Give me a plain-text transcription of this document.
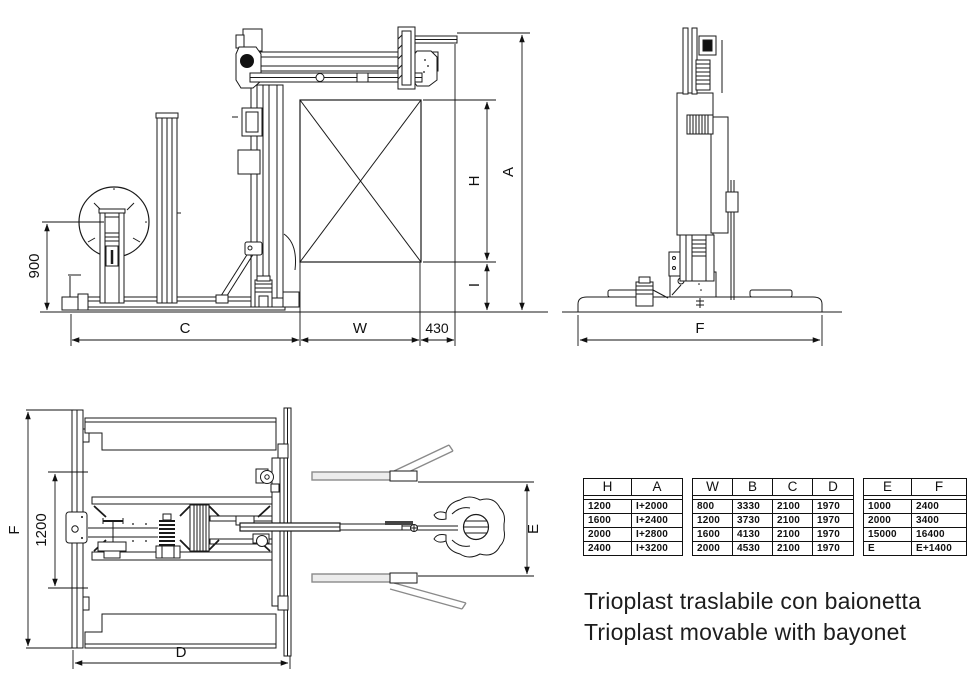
900
C	W	430
H
A
I
F
F 1200
D
E
H	A
1200	I+2000
1600	I+2400
2000	I+2800
2400	I+3200
W	B	C	D
800	3330	2100	1970
1200	3730	2100	1970
1600	4130	2100	1970
2000	4530	2100	1970
E	F
1000	2400
2000	3400
15000	16400
E	E+1400
Trioplast traslabile con baionetta
Trioplast movable with bayonet
